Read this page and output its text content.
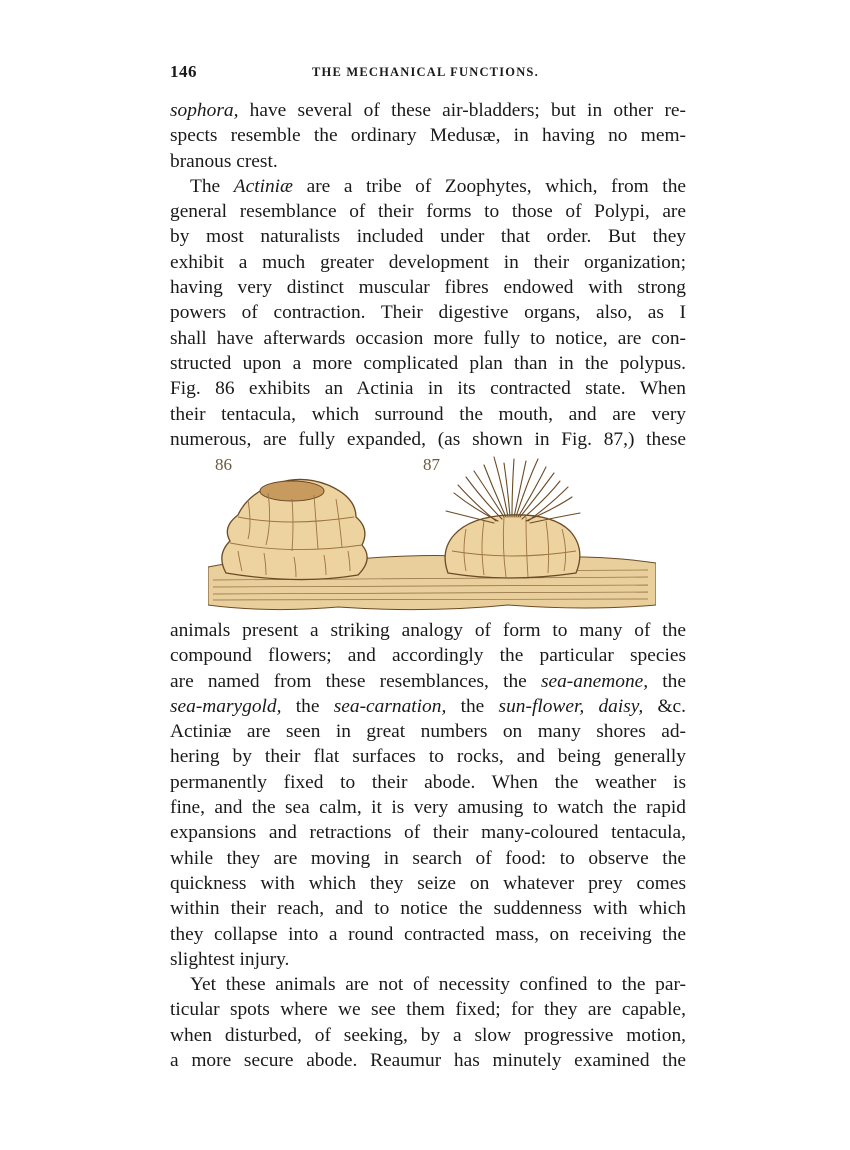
146	THE MECHANICAL FUNCTIONS.
sophora, have several of these air-bladders; but in other re-
spects resemble the ordinary Medusæ, in having no mem-
branous crest.
The Actiniæ are a tribe of Zoophytes, which, from the
general resemblance of their forms to those of Polypi, are
by most naturalists included under that order. But they
exhibit a much greater development in their organization;
having very distinct muscular fibres endowed with strong
powers of contraction. Their digestive organs, also, as I
shall have afterwards occasion more fully to notice, are con-
structed upon a more complicated plan than in the polypus.
Fig. 86 exhibits an Actinia in its contracted state. When
their tentacula, which surround the mouth, and are very
numerous, are fully expanded, (as shown in Fig. 87,) these
86	87
animals present a striking analogy of form to many of the
compound flowers; and accordingly the particular species
are named from these resemblances, the sea-anemone, the
sea-marygold, the sea-carnation, the sun-flower, daisy, &c.
Actiniæ are seen in great numbers on many shores ad-
hering by their flat surfaces to rocks, and being generally
permanently fixed to their abode. When the weather is
fine, and the sea calm, it is very amusing to watch the rapid
expansions and retractions of their many-coloured tentacula,
while they are moving in search of food: to observe the
quickness with which they seize on whatever prey comes
within their reach, and to notice the suddenness with which
they collapse into a round contracted mass, on receiving the
slightest injury.
Yet these animals are not of necessity confined to the par-
ticular spots where we see them fixed; for they are capable,
when disturbed, of seeking, by a slow progressive motion,
a more secure abode. Reaumur has minutely examined the
